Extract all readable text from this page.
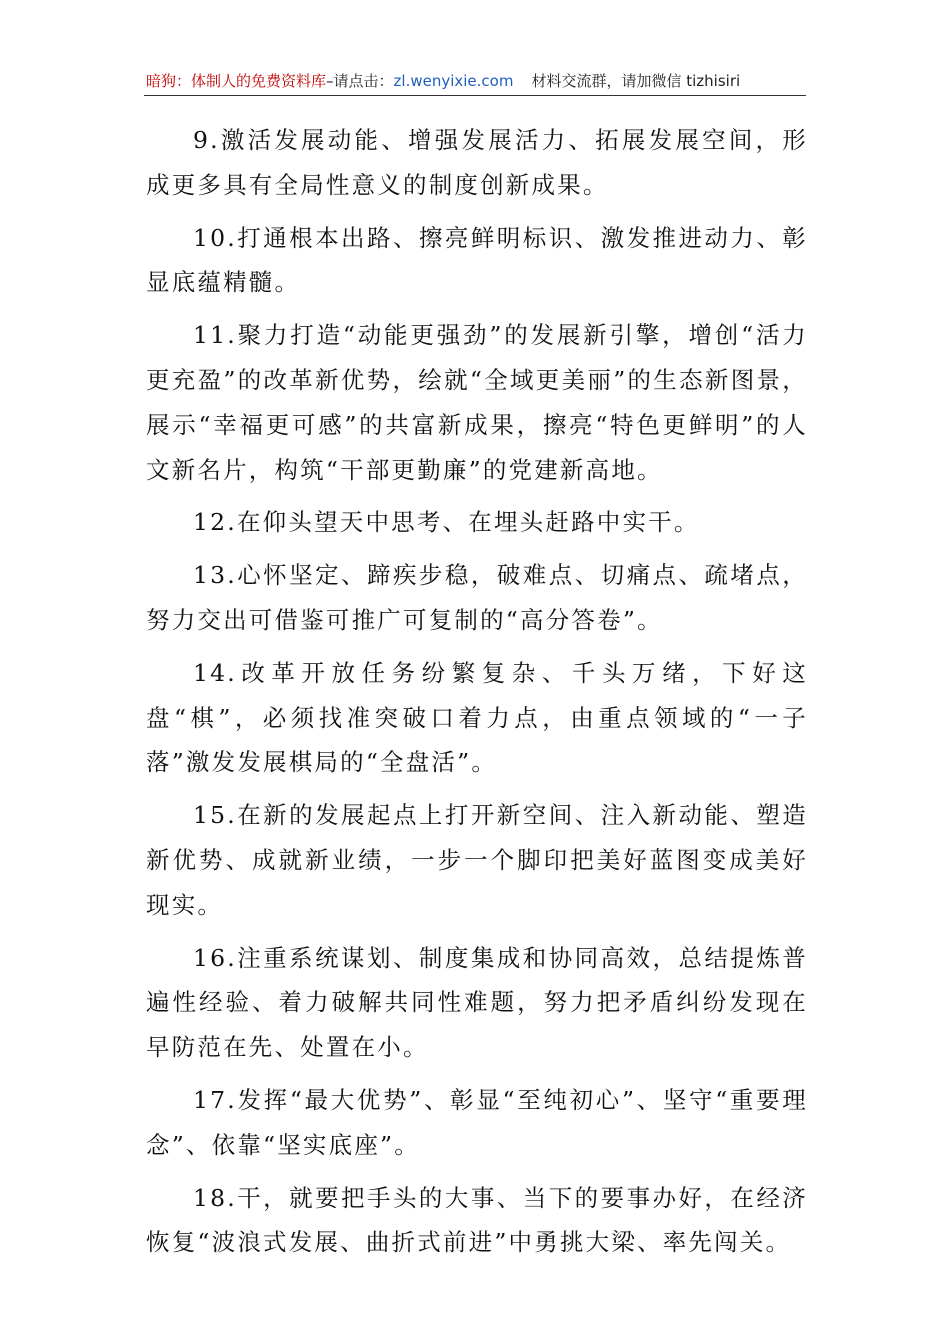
暗狗：体制人的免费资料库–请点击：zl.wenyixie.com 材料交流群，请加微信 tizhisiri

9.激活发展动能、增强发展活力、拓展发展空间，形成更多具有全局性意义的制度创新成果。

10.打通根本出路、擦亮鲜明标识、激发推进动力、彰显底蕴精髓。

11.聚力打造“动能更强劲”的发展新引擎，增创“活力更充盈”的改革新优势，绘就“全域更美丽”的生态新图景，展示“幸福更可感”的共富新成果，擦亮“特色更鲜明”的人文新名片，构筑“干部更勤廉”的党建新高地。

12.在仰头望天中思考、在埋头赶路中实干。

13.心怀坚定、蹄疾步稳，破难点、切痛点、疏堵点，努力交出可借鉴可推广可复制的“高分答卷”。

14.改革开放任务纷繁复杂、千头万绪，下好这盘“棋”，必须找准突破口着力点，由重点领域的“一子落”激发发展棋局的“全盘活”。

15.在新的发展起点上打开新空间、注入新动能、塑造新优势、成就新业绩，一步一个脚印把美好蓝图变成美好现实。

16.注重系统谋划、制度集成和协同高效，总结提炼普遍性经验、着力破解共同性难题，努力把矛盾纠纷发现在早防范在先、处置在小。

17.发挥“最大优势”、彰显“至纯初心”、坚守“重要理念”、依靠“坚实底座”。

18.干，就要把手头的大事、当下的要事办好，在经济恢复“波浪式发展、曲折式前进”中勇挑大梁、率先闯关。
